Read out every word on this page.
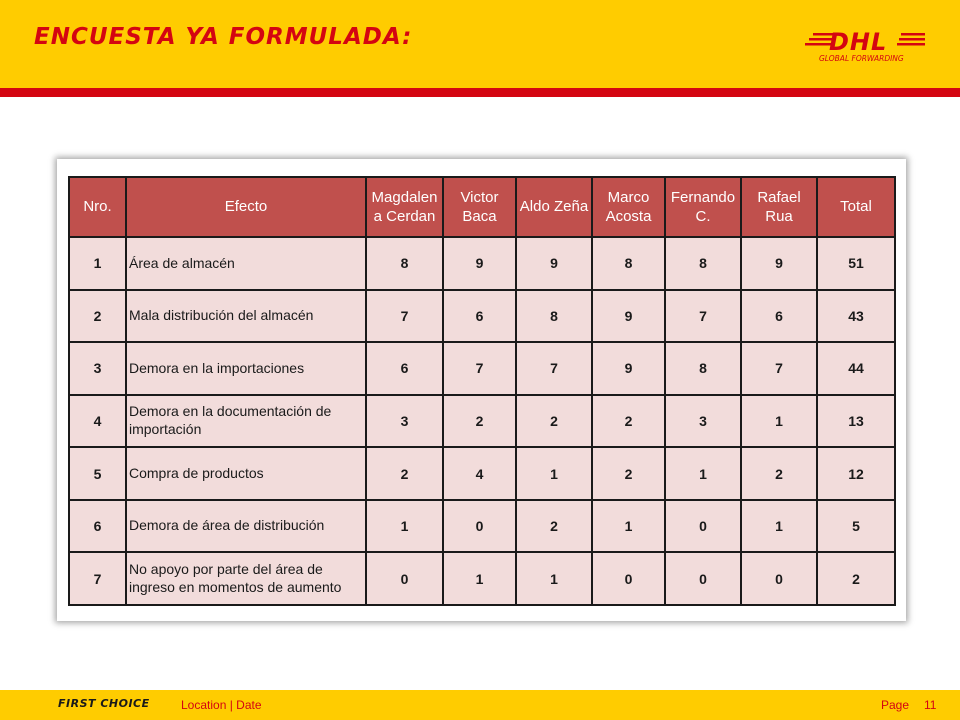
ENCUESTA YA FORMULADA:	DHL
GLOBAL FORWARDING
Nro.	Efecto	Magdalen a Cerdan	Victor Baca	Aldo Zeña	Marco Acosta	Fernando C.	Rafael Rua	Total
1	Área de almacén	8	9	9	8	8	9	51
2	Mala distribución del almacén	7	6	8	9	7	6	43
3	Demora en la importaciones	6	7	7	9	8	7	44
4	Demora en la documentación de importación	3	2	2	2	3	1	13
5	Compra de productos	2	4	1	2	1	2	12
6	Demora de área de distribución	1	0	2	1	0	1	5
7	No apoyo por parte del área de ingreso en momentos de aumento	0	1	1	0	0	0	2
FIRST CHOICE	Location | Date	Page 11
